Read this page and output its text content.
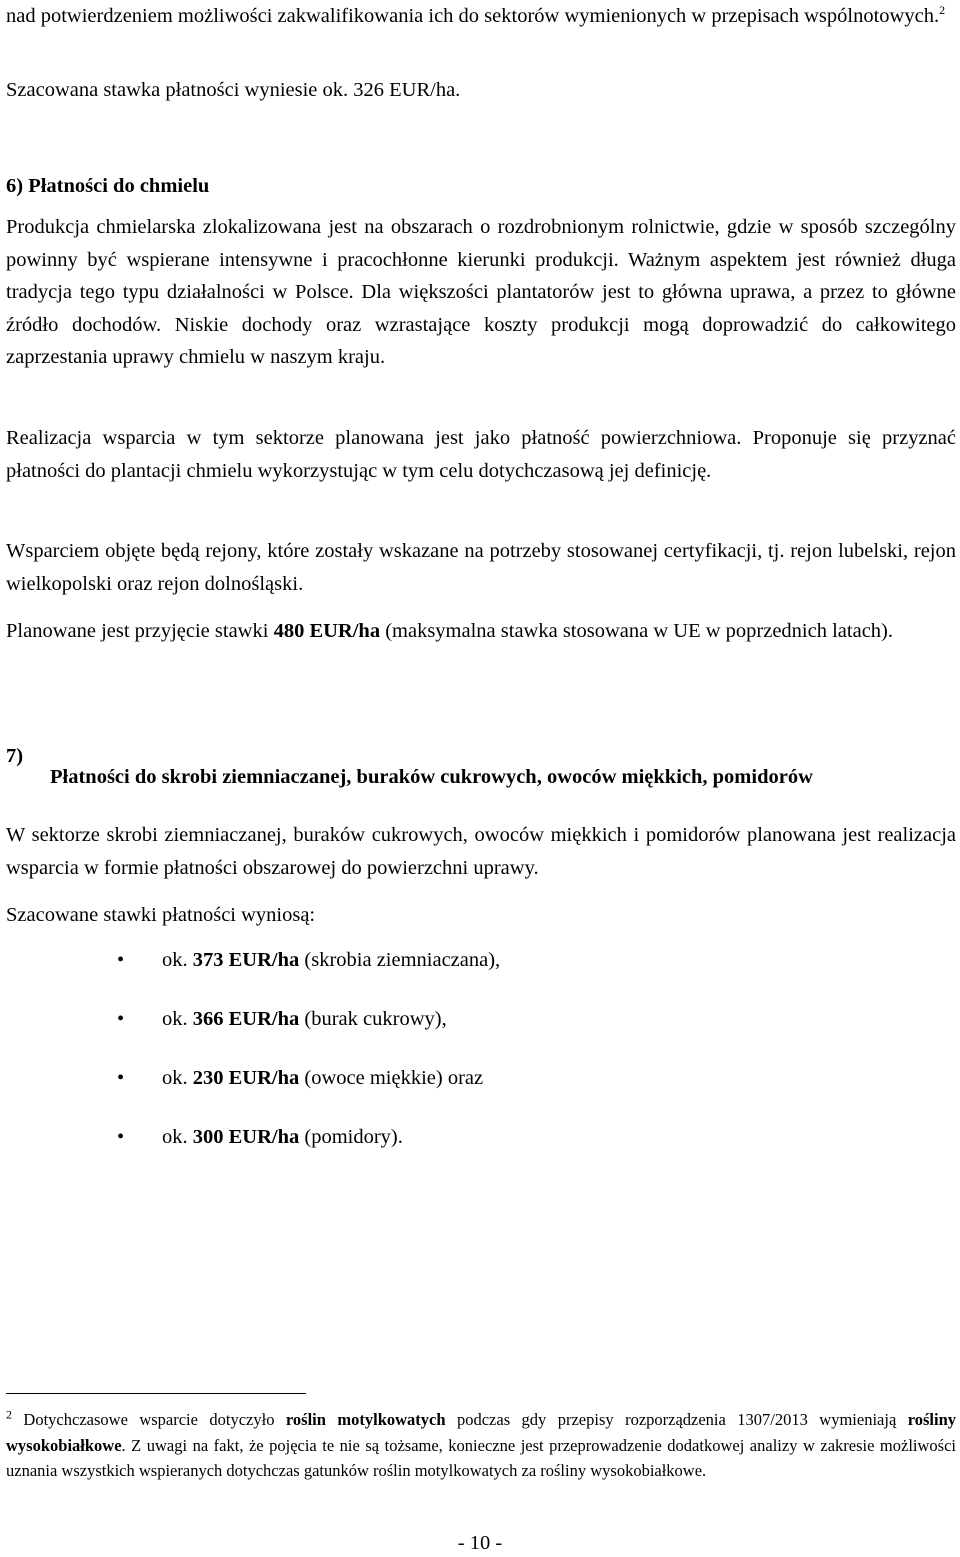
nad potwierdzeniem możliwości zakwalifikowania ich do sektorów wymienionych w przepisach wspólnotowych.$^2$

Szacowana stawka płatności wyniesie ok. 326 EUR/ha.

6) Płatności do chmielu

Produkcja chmielarska zlokalizowana jest na obszarach o rozdrobnionym rolnictwie, gdzie w sposób szczególny powinny być wspierane intensywne i pracochłonne kierunki produkcji. Ważnym aspektem jest również długa tradycja tego typu działalności w Polsce. Dla większości plantatorów jest to główna uprawa, a przez to główne źródło dochodów. Niskie dochody oraz wzrastające koszty produkcji mogą doprowadzić do całkowitego zaprzestania uprawy chmielu w naszym kraju.

Realizacja wsparcia w tym sektorze planowana jest jako płatność powierzchniowa. Proponuje się przyznać płatności do plantacji chmielu wykorzystując w tym celu dotychczasową jej definicję.

Wsparciem objęte będą rejony, które zostały wskazane na potrzeby stosowanej certyfikacji, tj. rejon lubelski, rejon wielkopolski oraz rejon dolnośląski.

Planowane jest przyjęcie stawki 480 EUR/ha (maksymalna stawka stosowana w UE w poprzednich latach).

7)

Płatności do skrobi ziemniaczanej, buraków cukrowych, owoców miękkich, pomidorów

W sektorze skrobi ziemniaczanej, buraków cukrowych, owoców miękkich i pomidorów planowana jest realizacja wsparcia w formie płatności obszarowej do powierzchni uprawy.

Szacowane stawki płatności wyniosą:

• ok. 373 EUR/ha (skrobia ziemniaczana),
• ok. 366 EUR/ha (burak cukrowy),
• ok. 230 EUR/ha (owoce miękkie) oraz
• ok. 300 EUR/ha (pomidory).

$^2$ Dotychczasowe wsparcie dotyczyło roślin motylkowatych podczas gdy przepisy rozporządzenia 1307/2013 wymieniają rośliny wysokobiałkowe. Z uwagi na fakt, że pojęcia te nie są tożsame, konieczne jest przeprowadzenie dodatkowej analizy w zakresie możliwości uznania wszystkich wspieranych dotychczas gatunków roślin motylkowatych za rośliny wysokobiałkowe.

- 10 -
